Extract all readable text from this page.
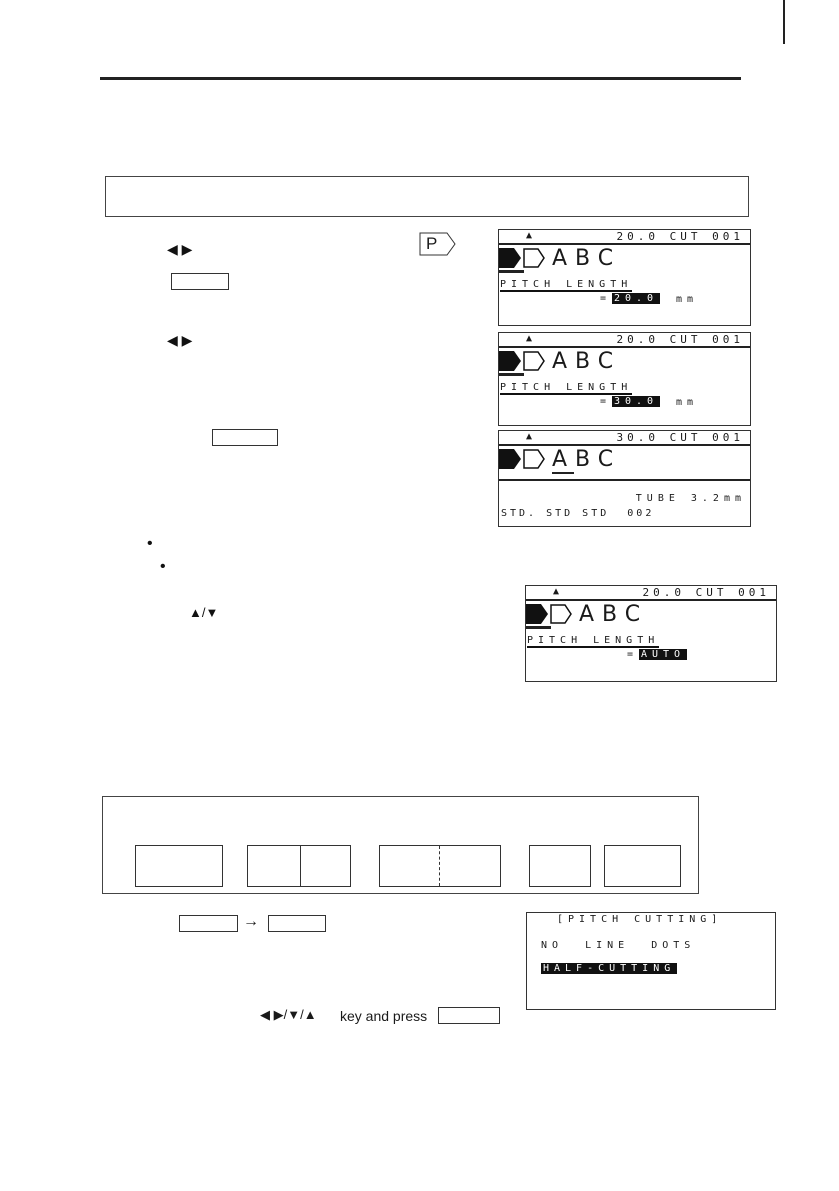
◀ ▶	P	▲	20.0 CUT 001
ABC
PITCH LENGTH
= 20.0 mm
◀ ▶	▲	20.0 CUT 001
ABC
PITCH LENGTH
= 30.0 mm
▲	30.0 CUT 001
ABC
TUBE 3.2mm
STD. STD STD  002
•
•
▲/▼
▲	20.0 CUT 001
ABC
PITCH LENGTH
= AUTO
→	[PITCH CUTTING]
NO  LINE  DOTS
HALF-CUTTING
◀ ▶/▼/▲ key and press
